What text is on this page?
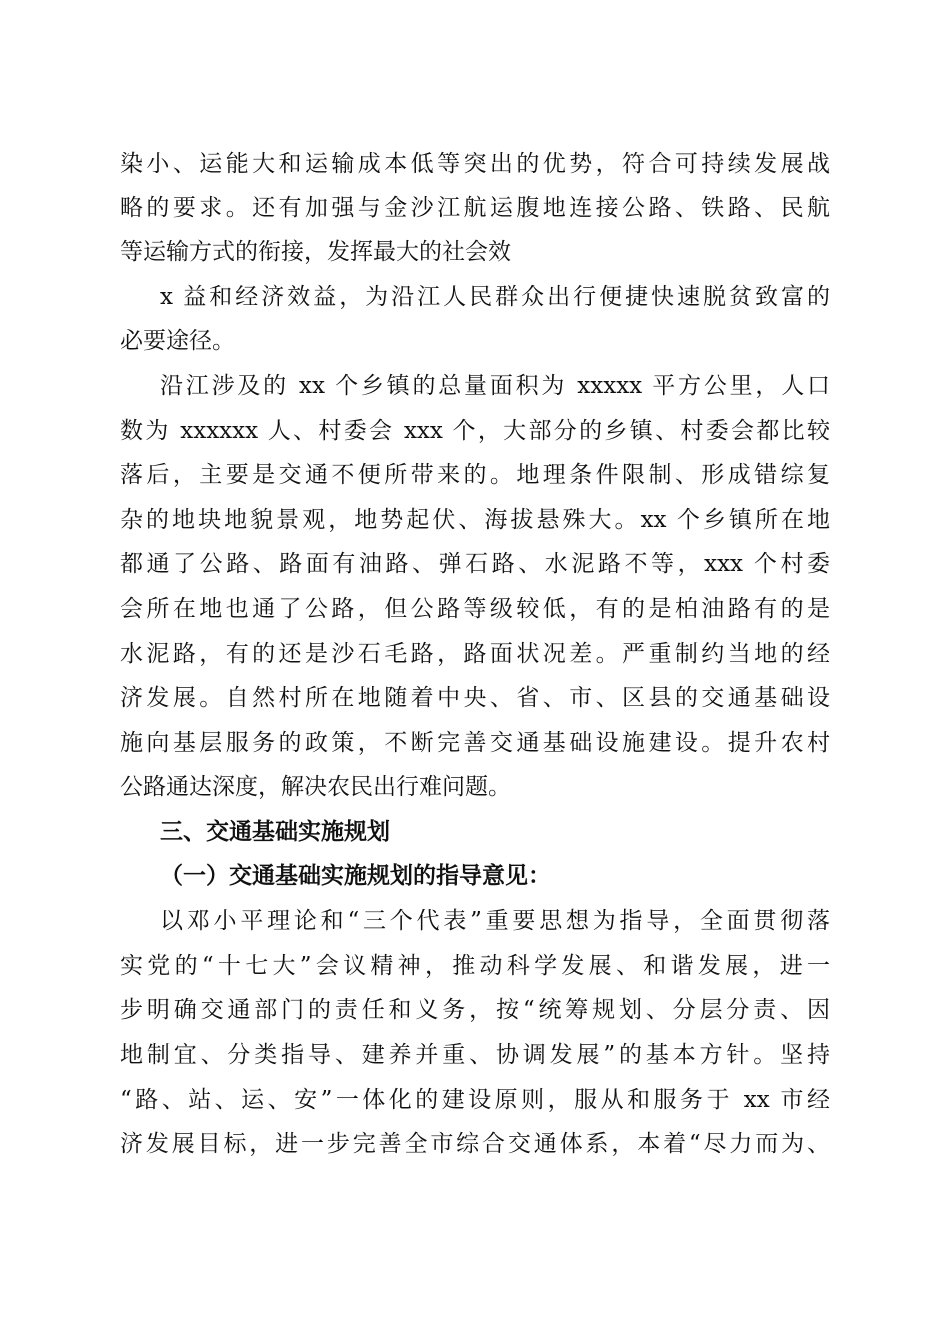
染小、运能大和运输成本低等突出的优势，符合可持续发展战
略的要求。还有加强与金沙江航运腹地连接公路、铁路、民航
等运输方式的衔接，发挥最大的社会效
x 益和经济效益，为沿江人民群众出行便捷快速脱贫致富的
必要途径。
沿江涉及的 xx 个乡镇的总量面积为 xxxxx 平方公里，人口
数为 xxxxxx 人、村委会 xxx 个，大部分的乡镇、村委会都比较
落后，主要是交通不便所带来的。地理条件限制、形成错综复
杂的地块地貌景观，地势起伏、海拔悬殊大。xx 个乡镇所在地
都通了公路、路面有油路、弹石路、水泥路不等，xxx 个村委
会所在地也通了公路，但公路等级较低，有的是柏油路有的是
水泥路，有的还是沙石毛路，路面状况差。严重制约当地的经
济发展。自然村所在地随着中央、省、市、区县的交通基础设
施向基层服务的政策，不断完善交通基础设施建设。提升农村
公路通达深度，解决农民出行难问题。
三、交通基础实施规划
（一）交通基础实施规划的指导意见：
以邓小平理论和“三个代表”重要思想为指导，全面贯彻落
实党的“十七大”会议精神，推动科学发展、和谐发展，进一
步明确交通部门的责任和义务，按“统筹规划、分层分责、因
地制宜、分类指导、建养并重、协调发展”的基本方针。坚持
“路、站、运、安”一体化的建设原则，服从和服务于 xx 市经
济发展目标，进一步完善全市综合交通体系，本着“尽力而为、
